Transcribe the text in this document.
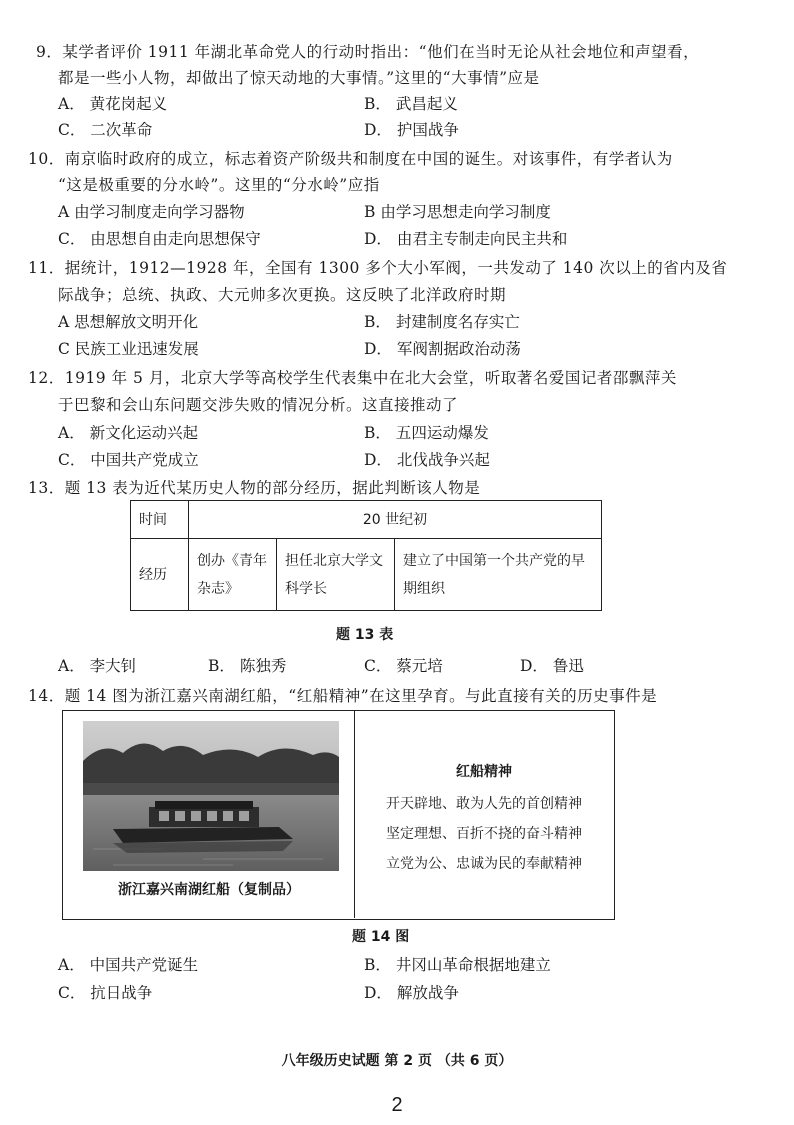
9．某学者评价 1911 年湖北革命党人的行动时指出：“他们在当时无论从社会地位和声望看，
都是一些小人物，却做出了惊天动地的大事情。”这里的“大事情”应是
A． 黄花岗起义	B． 武昌起义
C． 二次革命	D． 护国战争
10．南京临时政府的成立，标志着资产阶级共和制度在中国的诞生。对该事件，有学者认为
“这是极重要的分水岭”。这里的“分水岭”应指
A 由学习制度走向学习器物	B 由学习思想走向学习制度
C． 由思想自由走向思想保守	D． 由君主专制走向民主共和
11．据统计，1912—1928 年，全国有 1300 多个大小军阀，一共发动了 140 次以上的省内及省
际战争；总统、执政、大元帅多次更换。这反映了北洋政府时期
A 思想解放文明开化	B． 封建制度名存实亡
C 民族工业迅速发展	D． 军阀割据政治动荡
12．1919 年 5 月，北京大学等高校学生代表集中在北大会堂，听取著名爱国记者邵飘萍关
于巴黎和会山东问题交涉失败的情况分析。这直接推动了
A． 新文化运动兴起	B． 五四运动爆发
C． 中国共产党成立	D． 北伐战争兴起
13．题 13 表为近代某历史人物的部分经历，据此判断该人物是
时间	20 世纪初		
经历	创办《青年杂志》	担任北京大学文科学长	建立了中国第一个共产党的早期组织
题 13 表
A． 李大钊	B． 陈独秀	C． 蔡元培	D． 鲁迅
14．题 14 图为浙江嘉兴南湖红船，“红船精神”在这里孕育。与此直接有关的历史事件是
浙江嘉兴南湖红船（复制品）
红船精神
开天辟地、敢为人先的首创精神
坚定理想、百折不挠的奋斗精神
立党为公、忠诚为民的奉献精神
题 14 图
A． 中国共产党诞生	B． 井冈山革命根据地建立
C． 抗日战争	D． 解放战争
八年级历史试题 第 2 页 （共 6 页）
2
